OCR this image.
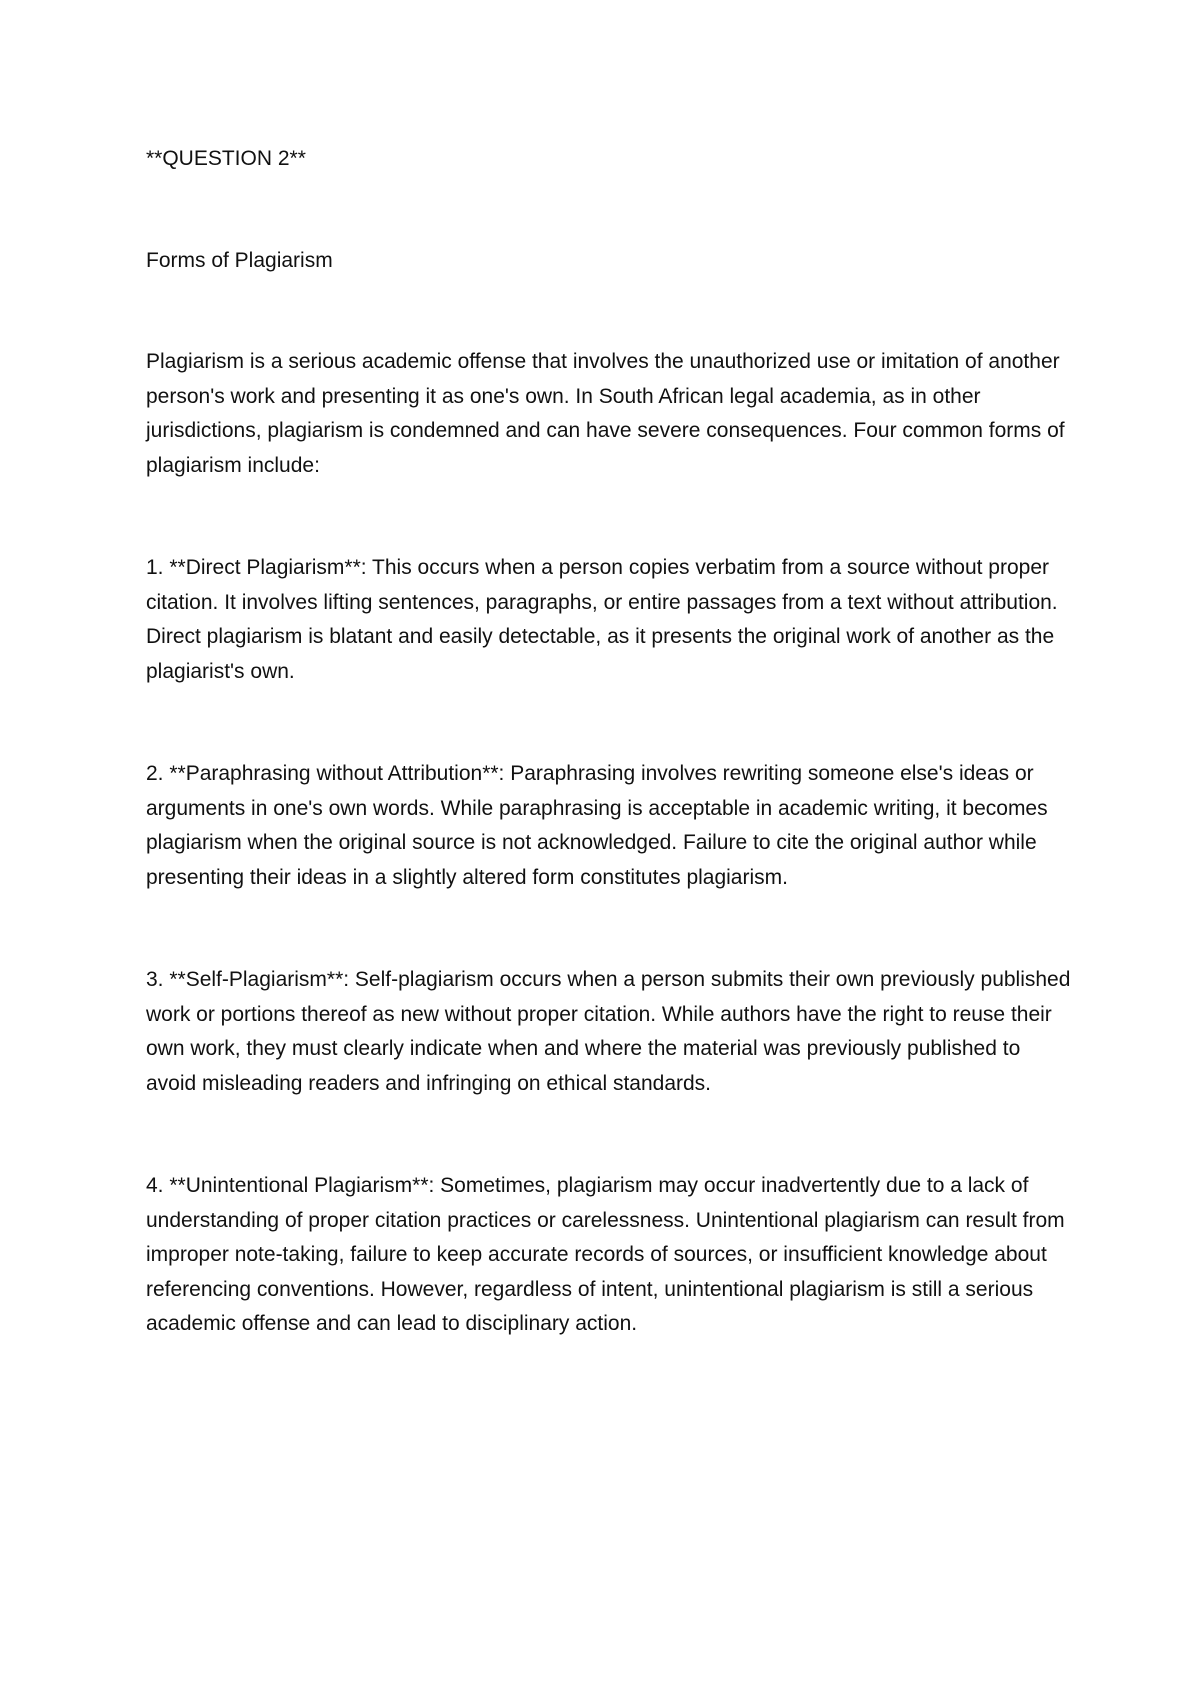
**QUESTION 2**

Forms of Plagiarism

Plagiarism is a serious academic offense that involves the unauthorized use or imitation of another person's work and presenting it as one's own. In South African legal academia, as in other jurisdictions, plagiarism is condemned and can have severe consequences. Four common forms of plagiarism include:

1. **Direct Plagiarism**: This occurs when a person copies verbatim from a source without proper citation. It involves lifting sentences, paragraphs, or entire passages from a text without attribution. Direct plagiarism is blatant and easily detectable, as it presents the original work of another as the plagiarist's own.

2. **Paraphrasing without Attribution**: Paraphrasing involves rewriting someone else's ideas or arguments in one's own words. While paraphrasing is acceptable in academic writing, it becomes plagiarism when the original source is not acknowledged. Failure to cite the original author while presenting their ideas in a slightly altered form constitutes plagiarism.

3. **Self-Plagiarism**: Self-plagiarism occurs when a person submits their own previously published work or portions thereof as new without proper citation. While authors have the right to reuse their own work, they must clearly indicate when and where the material was previously published to avoid misleading readers and infringing on ethical standards.

4. **Unintentional Plagiarism**: Sometimes, plagiarism may occur inadvertently due to a lack of understanding of proper citation practices or carelessness. Unintentional plagiarism can result from improper note-taking, failure to keep accurate records of sources, or insufficient knowledge about referencing conventions. However, regardless of intent, unintentional plagiarism is still a serious academic offense and can lead to disciplinary action.
